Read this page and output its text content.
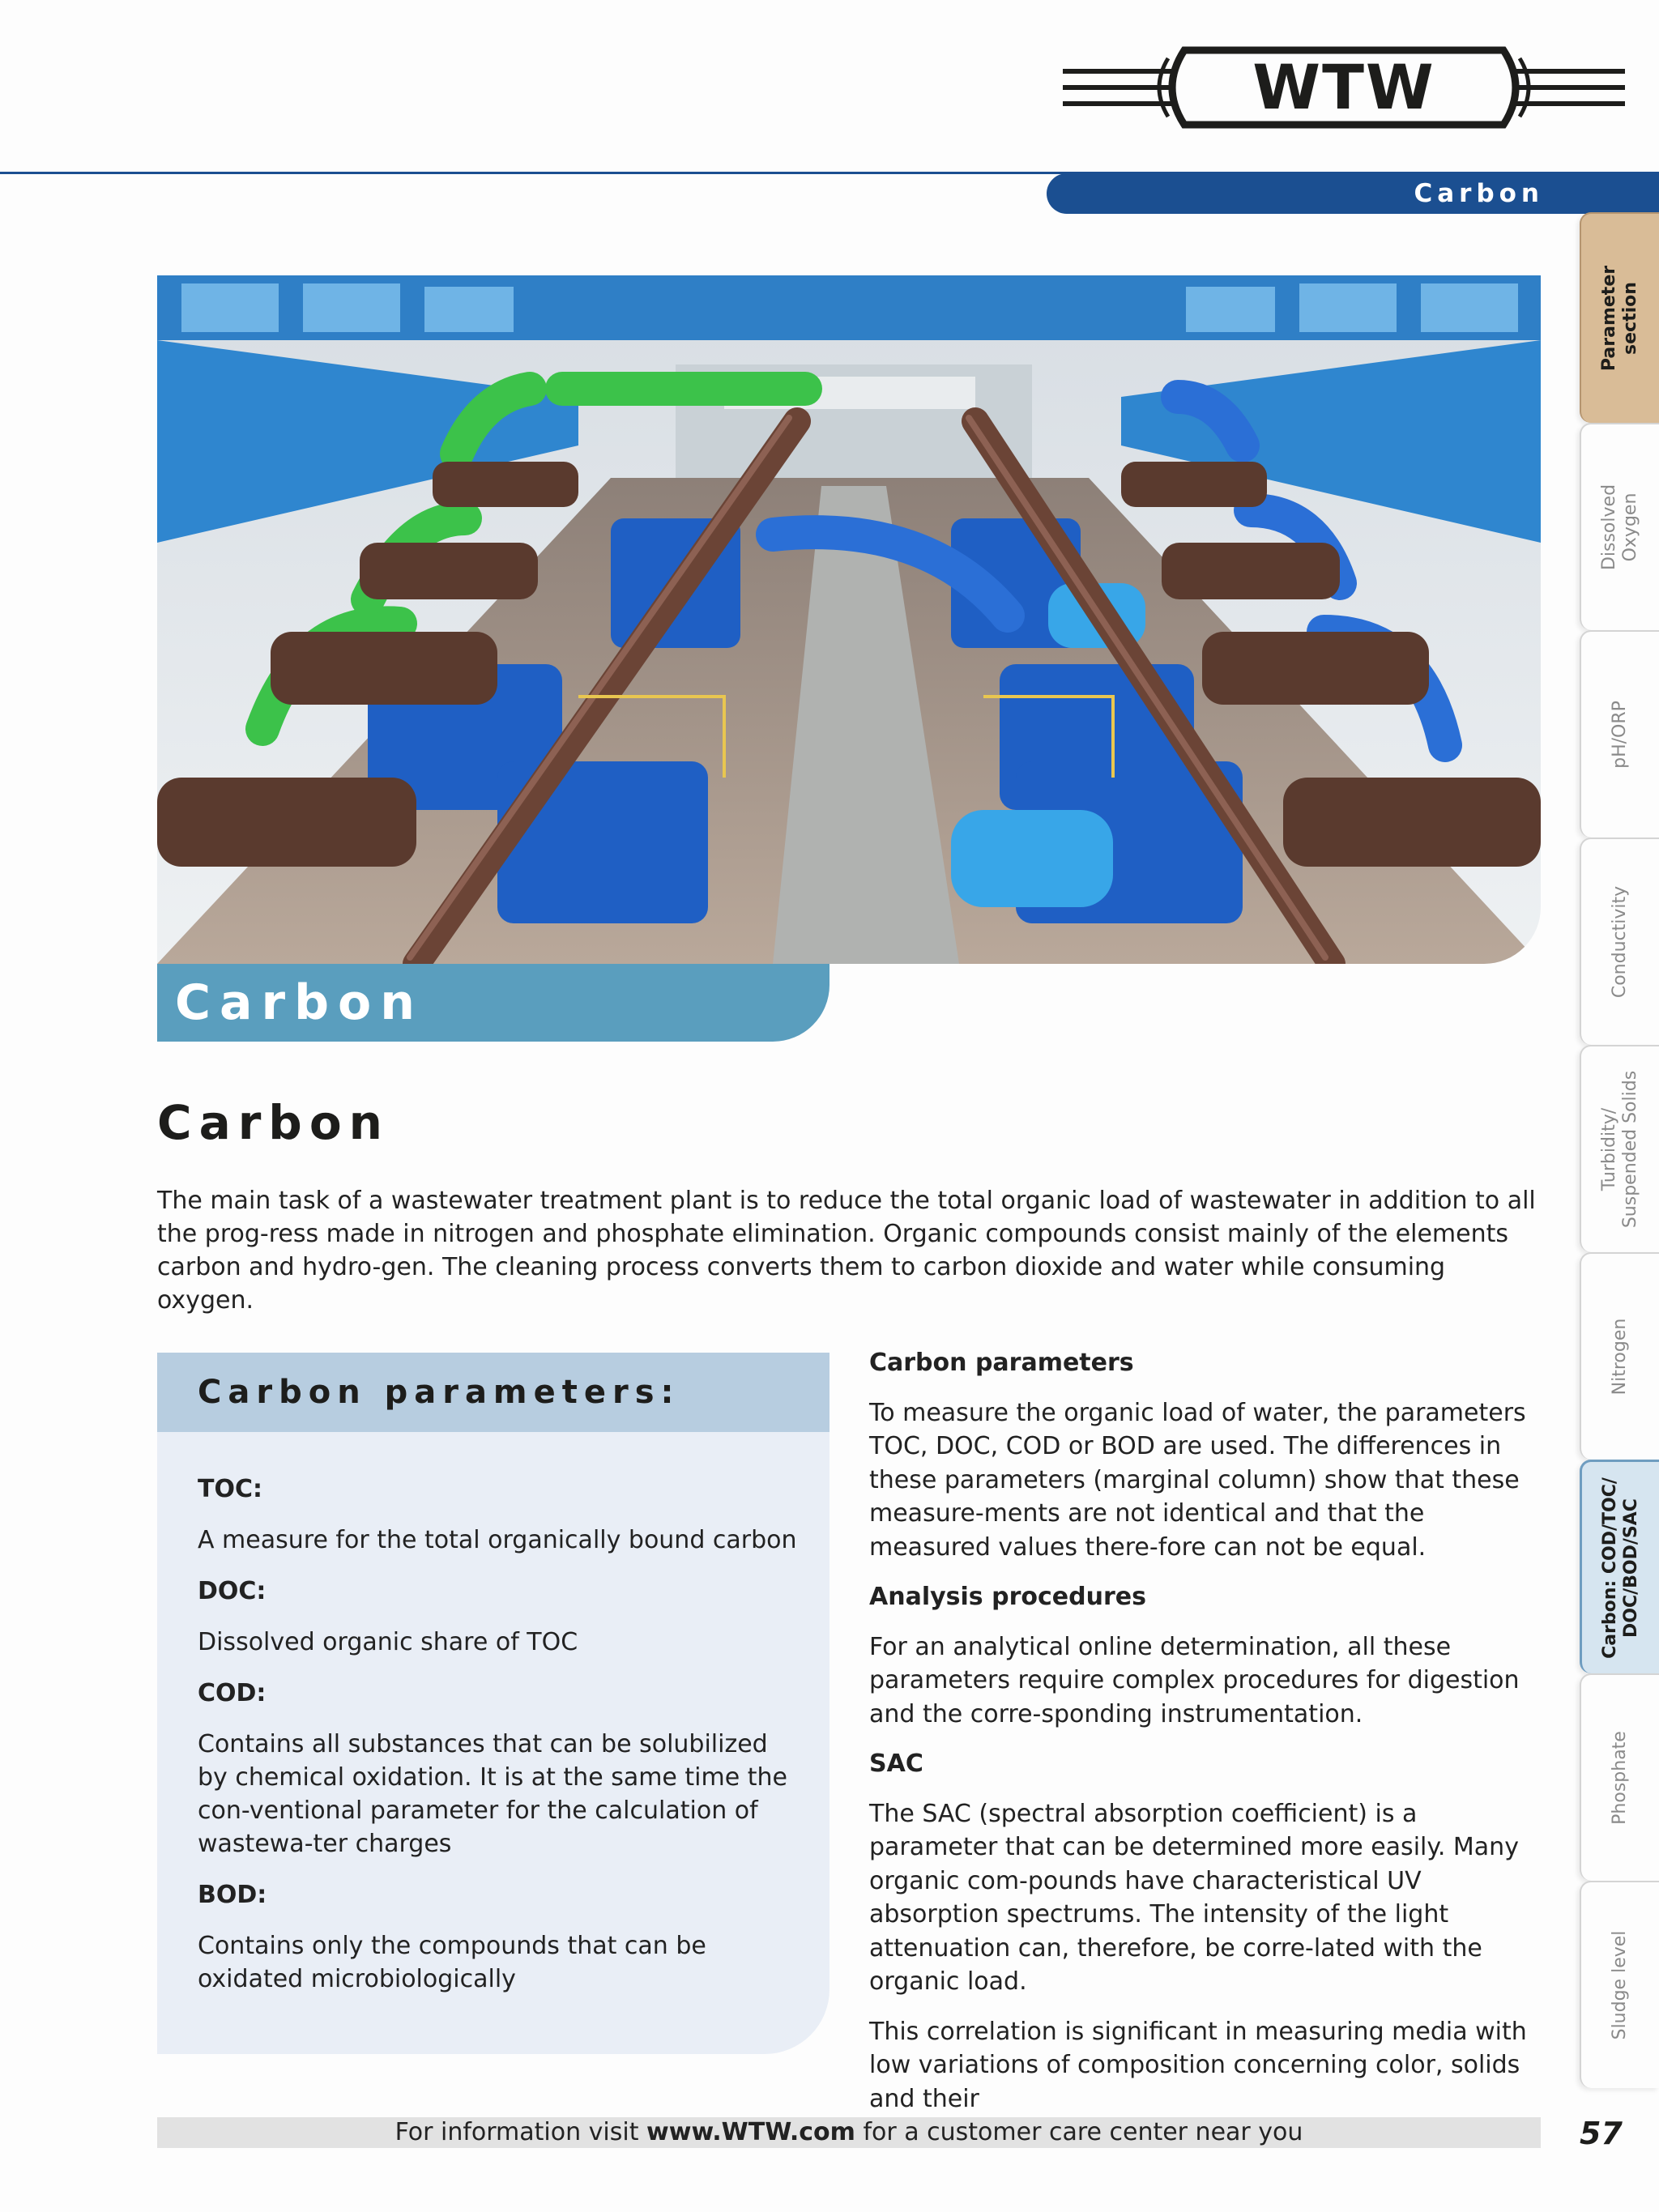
WTW
Carbon
Carbon
Carbon
The main task of a wastewater treatment plant is to reduce the total organic load of wastewater in addition to all the prog-ress made in nitrogen and phosphate elimination. Organic compounds consist mainly of the elements carbon and hydro-gen. The cleaning process converts them to carbon dioxide and water while consuming oxygen.
Carbon parameters:
TOC:
A measure for the total organically bound carbon
DOC:
Dissolved organic share of TOC
COD:
Contains all substances that can be solubilized by chemical oxidation. It is at the same time the con-ventional parameter for the calculation of wastewa-ter charges
BOD:
Contains only the compounds that can be oxidated microbiologically
Carbon parameters
To measure the organic load of water, the parameters TOC, DOC, COD or BOD are used. The differences in these parameters (marginal column) show that these measure-ments are not identical and that the measured values there-fore can not be equal.
Analysis procedures
For an analytical online determination, all these parameters require complex procedures for digestion and the corre-sponding instrumentation.
SAC
The SAC (spectral absorption coefficient) is a parameter that can be determined more easily. Many organic com-pounds have characteristical UV absorption spectrums. The intensity of the light attenuation can, therefore, be corre-lated with the organic load.
This correlation is significant in measuring media with low variations of composition concerning color, solids and their
For information visit www.WTW.com for a customer care center near you	57
Parameter
section
Dissolved
Oxygen
pH/ORP
Conductivity
Turbidity/
Suspended Solids
Nitrogen
Carbon: COD/TOC/
DOC/BOD/SAC
Phosphate
Sludge level
